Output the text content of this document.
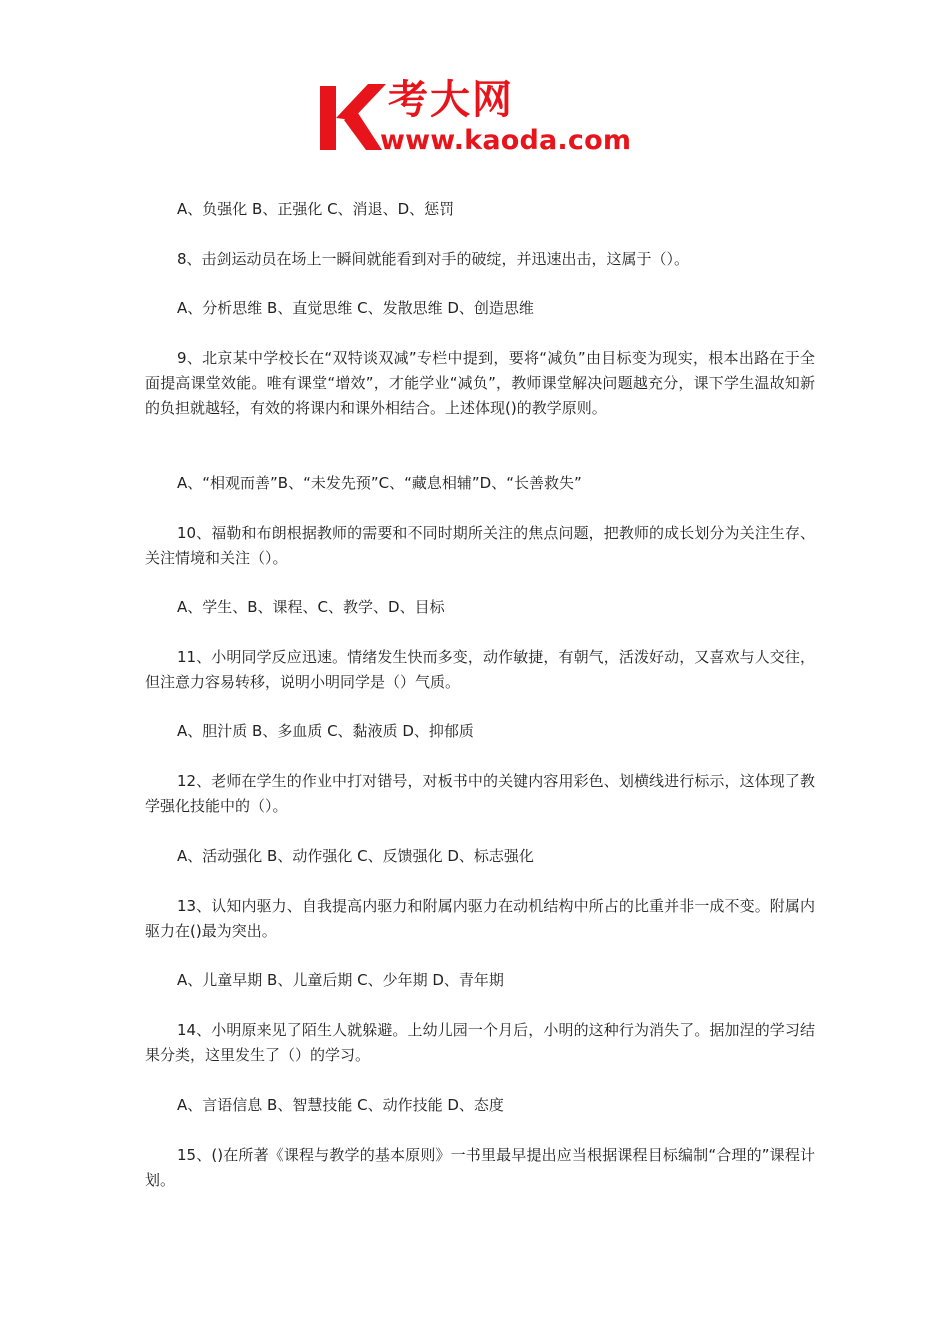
考大网
www.kaoda.com
A、负强化 B、正强化 C、消退、D、惩罚
8、击剑运动员在场上一瞬间就能看到对手的破绽，并迅速出击，这属于（）。
A、分析思维 B、直觉思维 C、发散思维 D、创造思维
9、北京某中学校长在“双特谈双减”专栏中提到，要将“减负”由目标变为现实，根本出路在于全面提高课堂效能。唯有课堂“增效”，才能学业“减负”，教师课堂解决问题越充分，课下学生温故知新的负担就越轻，有效的将课内和课外相结合。上述体现()的教学原则。
A、“相观而善”B、“未发先预”C、“藏息相辅”D、“长善救失”
10、福勒和布朗根据教师的需要和不同时期所关注的焦点问题，把教师的成长划分为关注生存、关注情境和关注（）。
A、学生、B、课程、C、教学、D、目标
11、小明同学反应迅速。情绪发生快而多变，动作敏捷，有朝气，活泼好动，又喜欢与人交往，但注意力容易转移，说明小明同学是（）气质。
A、胆汁质 B、多血质 C、黏液质 D、抑郁质
12、老师在学生的作业中打对错号，对板书中的关键内容用彩色、划横线进行标示，这体现了教学强化技能中的（）。
A、活动强化 B、动作强化 C、反馈强化 D、标志强化
13、认知内驱力、自我提高内驱力和附属内驱力在动机结构中所占的比重并非一成不变。附属内驱力在()最为突出。
A、儿童早期 B、儿童后期 C、少年期 D、青年期
14、小明原来见了陌生人就躲避。上幼儿园一个月后，小明的这种行为消失了。据加涅的学习结果分类，这里发生了（）的学习。
A、言语信息 B、智慧技能 C、动作技能 D、态度
15、()在所著《课程与教学的基本原则》一书里最早提出应当根据课程目标编制“合理的”课程计划。
